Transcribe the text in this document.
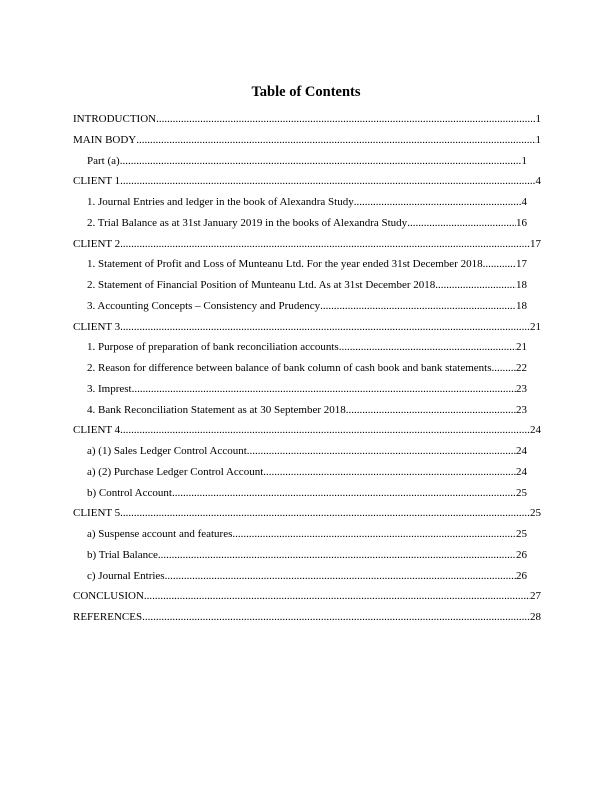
Table of Contents
INTRODUCTION .....	1
MAIN BODY .....	1
Part (a) .....	1
CLIENT 1 .....	4
1. Journal Entries and ledger in the book of Alexandra Study .....	4
2. Trial Balance as at 31st January 2019 in the books of Alexandra Study .....	16
CLIENT 2 .....	17
1. Statement of Profit and Loss of Munteanu Ltd. For the year ended 31st December 2018 .....	17
2. Statement of Financial Position of Munteanu Ltd. As at 31st December 2018 .....	18
3. Accounting Concepts – Consistency and Prudency .....	18
CLIENT 3 .....	21
1. Purpose of preparation of bank reconciliation accounts .....	21
2. Reason for difference between balance of bank column of cash book and bank statements ..... 22
3. Imprest .....	23
4. Bank Reconciliation Statement as at 30 September 2018 .....	23
CLIENT 4 .....	24
a) (1) Sales Ledger Control Account .....	24
a) (2) Purchase Ledger Control Account .....	24
b) Control Account .....	25
CLIENT 5 .....	25
a) Suspense account and features .....	25
b) Trial Balance .....	26
c) Journal Entries .....	26
CONCLUSION .....	27
REFERENCES .....	28
